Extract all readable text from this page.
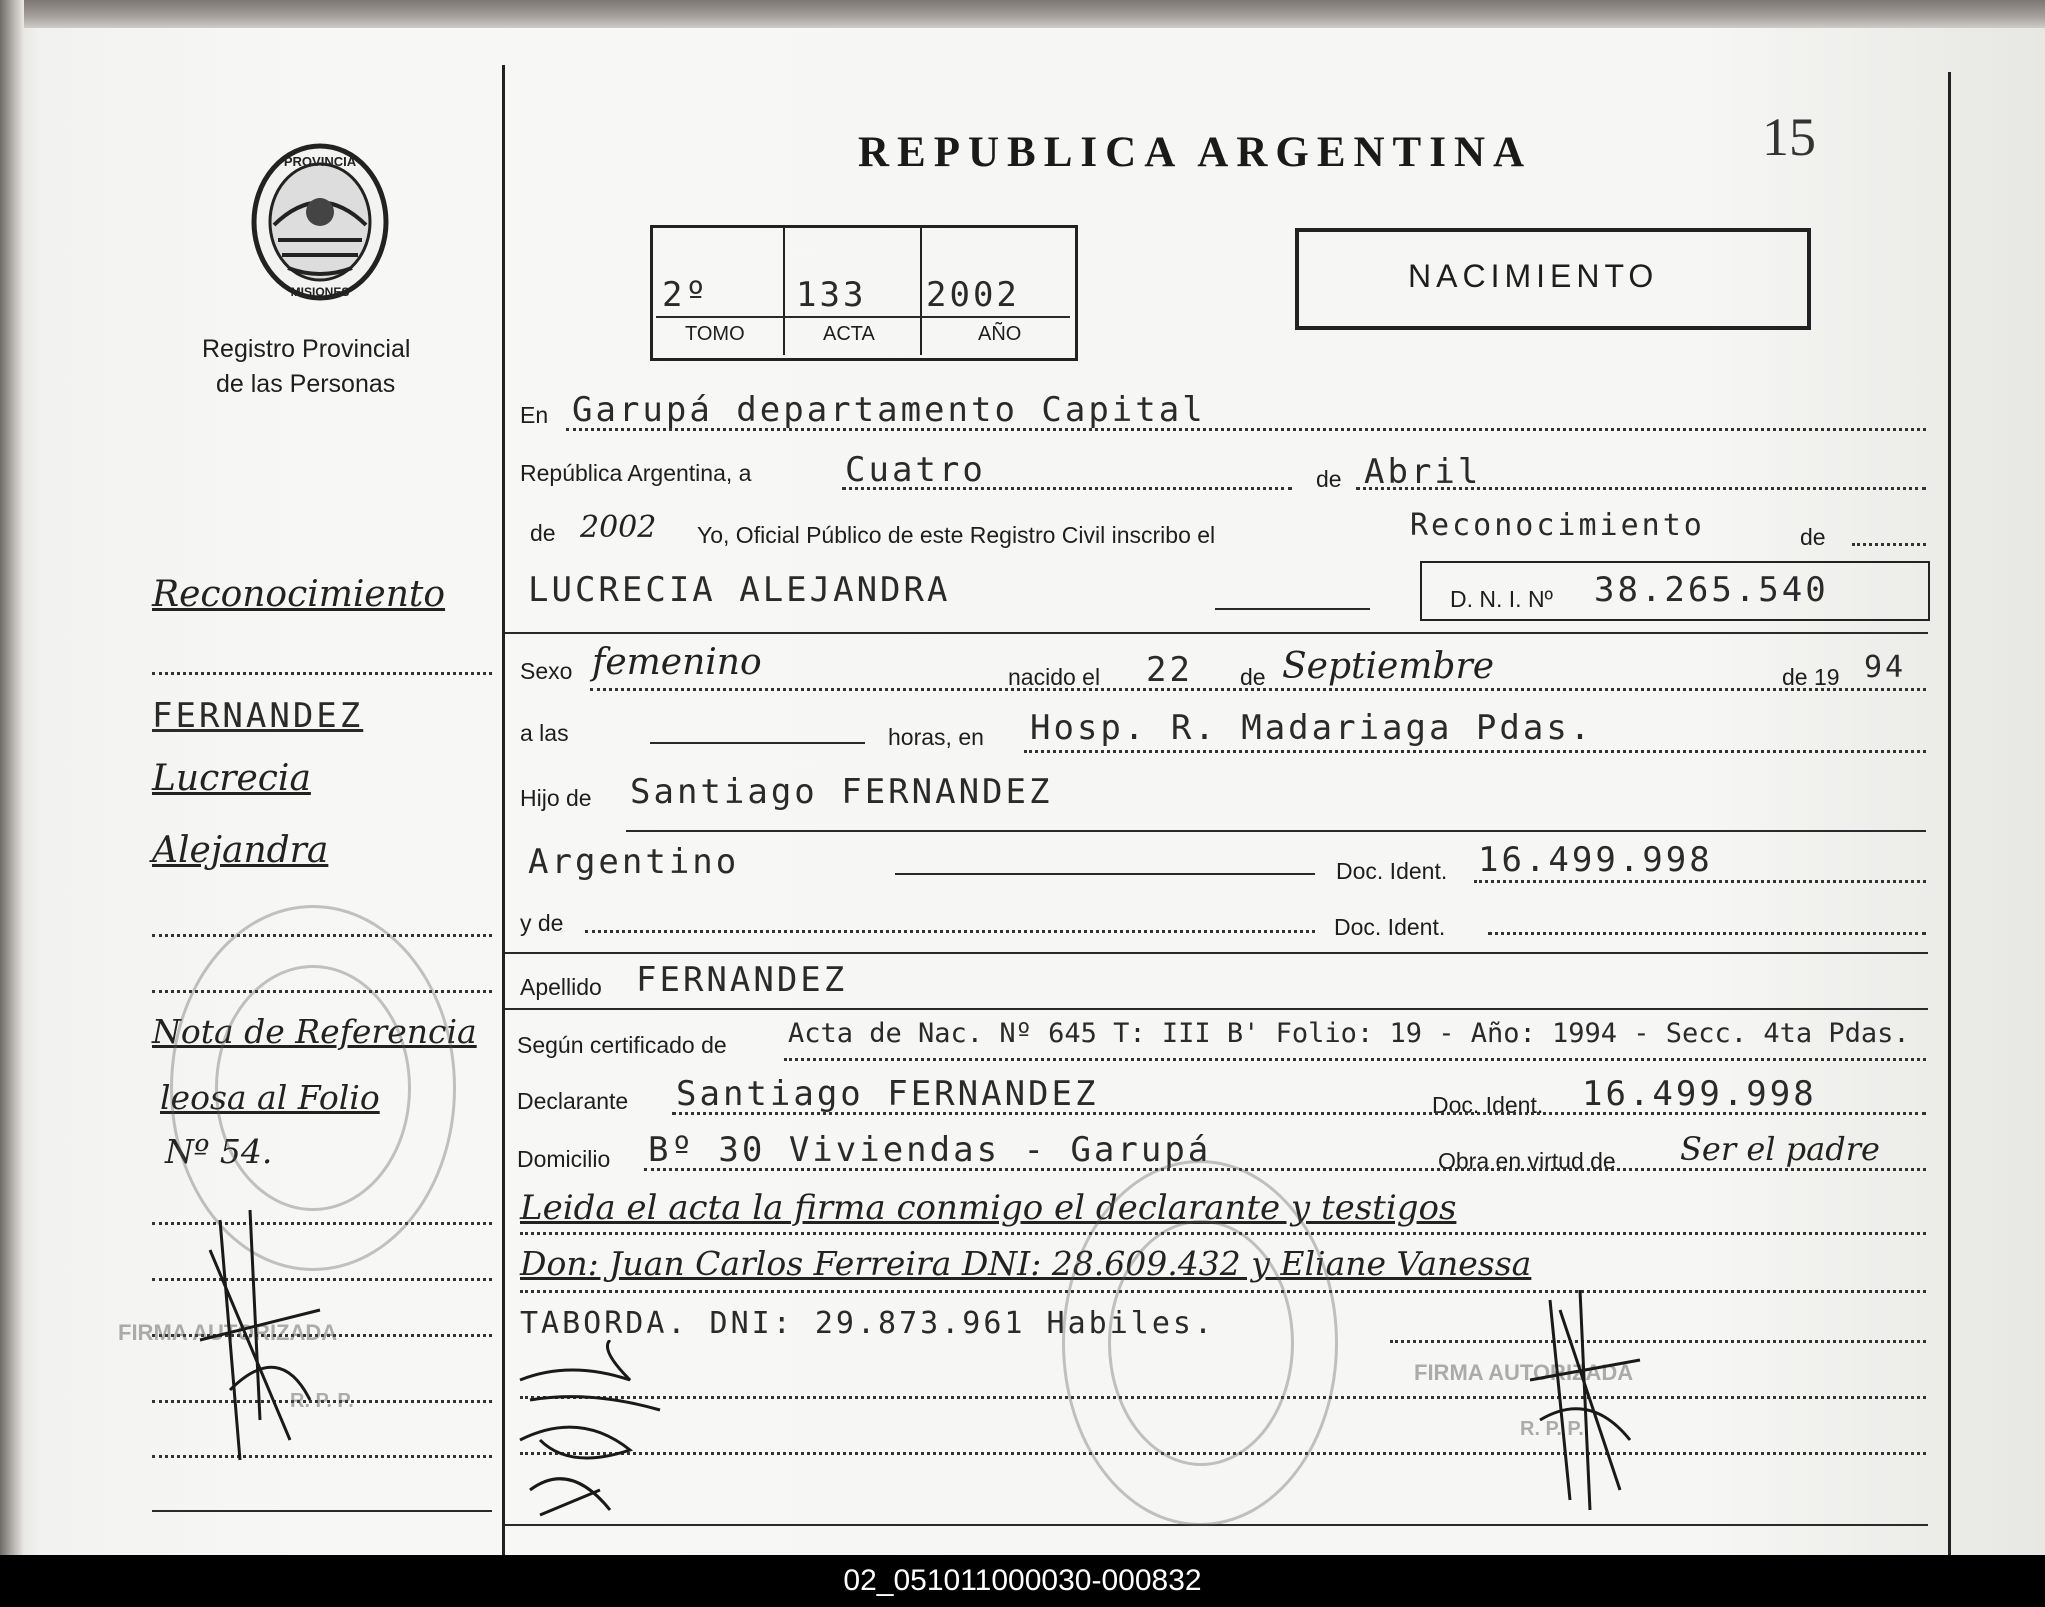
REPUBLICA ARGENTINA	15
PROVINCIA
MISIONES
Registro Provincial
de las Personas
2º	133 2002
TOMO	ACTA	AÑO
NACIMIENTO
Reconocimiento
FERNANDEZ
Lucrecia
Alejandra
Nota de Referencia
leosa al Folio
Nº 54.
FIRMA AUTORIZADA
R. P. P.
En Garupá departamento Capital
República Argentina, a	Cuatro	de Abril
de 2002 Yo, Oficial Público de este Registro Civil inscribo el	Reconocimiento	de
LUCRECIA ALEJANDRA	D. N. I. Nº 38.265.540
Sexo femenino	nacido el 22 de Septiembre	de 19 94
a las	horas, en Hosp. R. Madariaga Pdas.
Hijo de Santiago FERNANDEZ
Argentino	Doc. Ident. 16.499.998
y de	Doc. Ident.
Apellido FERNANDEZ
Según certificado de Acta de Nac. Nº 645 T: III B' Folio: 19 - Año: 1994 - Secc. 4ta Pdas.
Declarante Santiago FERNANDEZ	Doc. Ident. 16.499.998
Domicilio Bº 30 Viviendas - Garupá	Obra en virtud de Ser el padre
Leida el acta la firma conmigo el declarante y testigos
Don: Juan Carlos Ferreira DNI: 28.609.432 y Eliane Vanessa
TABORDA. DNI: 29.873.961 Habiles.
FIRMA AUTORIZADA
R. P. P.
02_051011000030-000832
